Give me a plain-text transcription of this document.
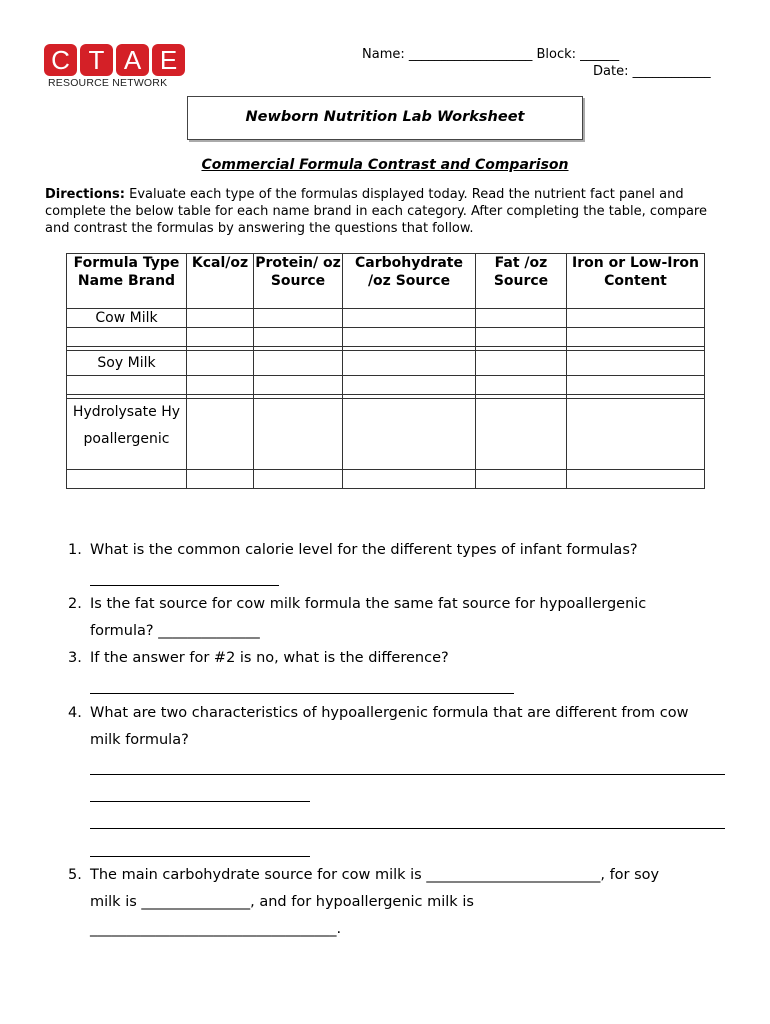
C T A E
RESOURCE NETWORK
Name: ___________________ Block: ______
Date: ____________
Newborn Nutrition Lab Worksheet
Commercial Formula Contrast and Comparison
Directions: Evaluate each type of the formulas displayed today. Read the nutrient fact panel and complete the below table for each name brand in each category. After completing the table, compare and contrast the formulas by answering the questions that follow.
Formula Type Name Brand	Kcal/oz	Protein/ oz Source	Carbohydrate /oz Source	Fat /oz Source	Iron or Low-Iron Content
Cow Milk					

Soy Milk					

Hydrolysate Hypoallergenic					

1. What is the common calorie level for the different types of infant formulas?
2. Is the fat source for cow milk formula the same fat source for hypoallergenic
formula? ______________
3. If the answer for #2 is no, what is the difference?
4. What are two characteristics of hypoallergenic formula that are different from cow
milk formula?
5. The main carbohydrate source for cow milk is ________________________, for soy
milk is _______________, and for hypoallergenic milk is
__________________________________.
